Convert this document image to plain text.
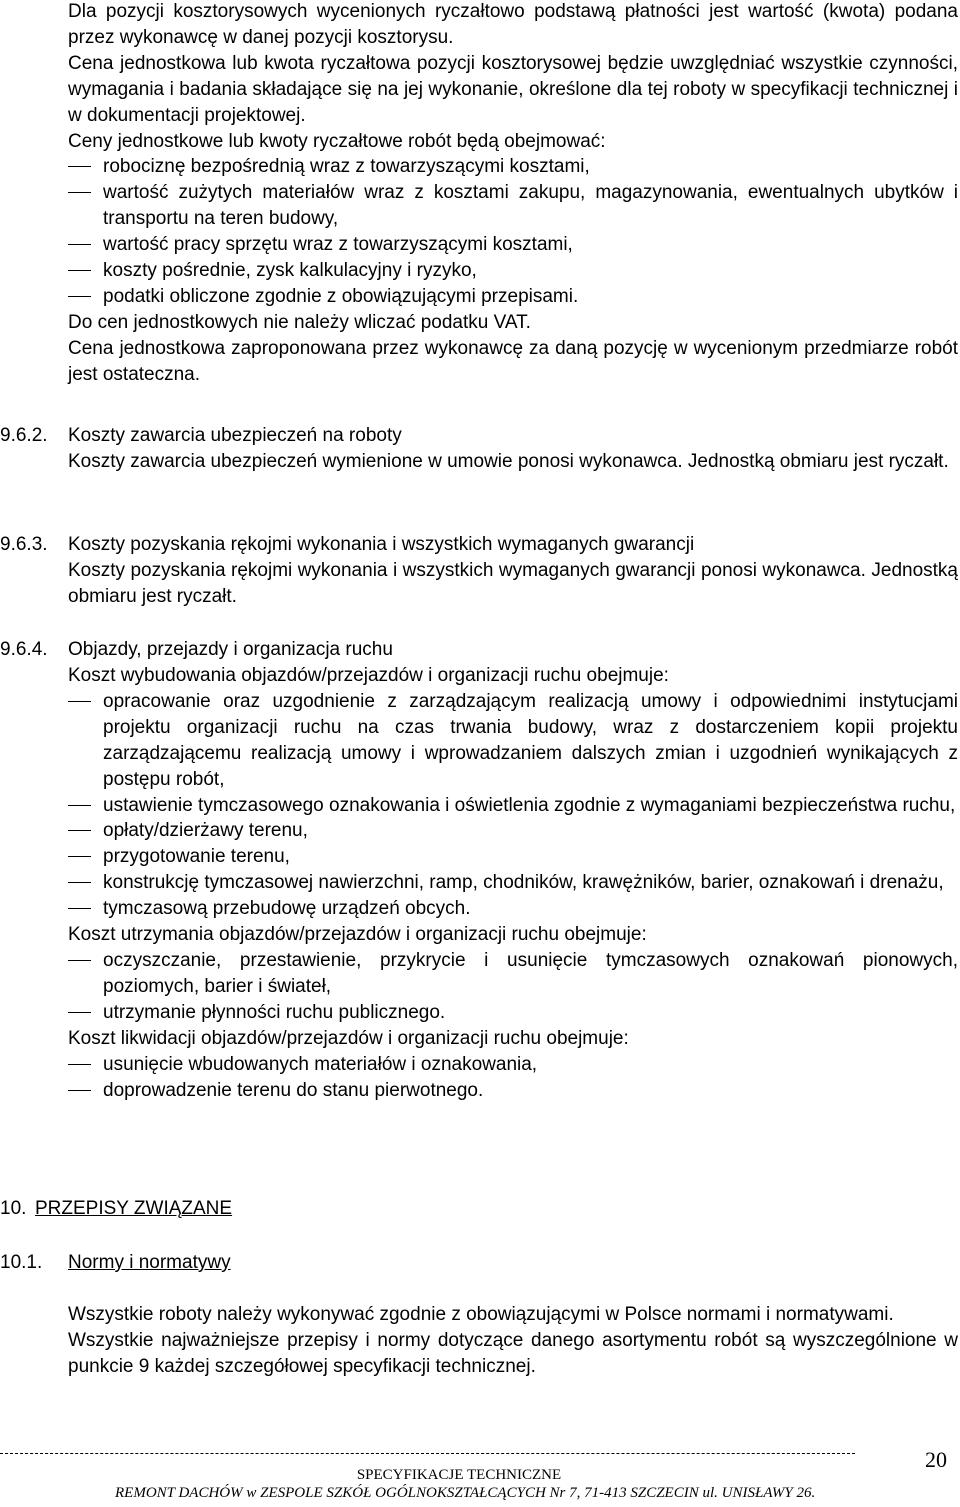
Dla pozycji kosztorysowych wycenionych ryczałtowo podstawą płatności jest wartość (kwota) podana przez wykonawcę w danej pozycji kosztorysu.

Cena jednostkowa lub kwota ryczałtowa pozycji kosztorysowej będzie uwzględniać wszystkie czynności, wymagania i badania składające się na jej wykonanie, określone dla tej roboty w specyfikacji technicznej i w dokumentacji projektowej.

Ceny jednostkowe lub kwoty ryczałtowe robót będą obejmować:

robociznę bezpośrednią wraz z towarzyszącymi kosztami,

wartość zużytych materiałów wraz z kosztami zakupu, magazynowania, ewentualnych ubytków i transportu na teren budowy,

wartość pracy sprzętu wraz z towarzyszącymi kosztami,

koszty pośrednie, zysk kalkulacyjny i ryzyko,

podatki obliczone zgodnie z obowiązującymi przepisami.

Do cen jednostkowych nie należy wliczać podatku VAT.

Cena jednostkowa zaproponowana przez wykonawcę za daną pozycję w wycenionym przedmiarze robót jest ostateczna.

9.6.2.	Koszty zawarcia ubezpieczeń na roboty

Koszty zawarcia ubezpieczeń wymienione w umowie ponosi wykonawca. Jednostką obmiaru jest ryczałt.

9.6.3.	Koszty pozyskania rękojmi wykonania i wszystkich wymaganych gwarancji

Koszty pozyskania rękojmi wykonania i wszystkich wymaganych gwarancji ponosi wykonawca. Jednostką obmiaru jest ryczałt.

9.6.4.	Objazdy, przejazdy i organizacja ruchu

Koszt wybudowania objazdów/przejazdów i organizacji ruchu obejmuje:

opracowanie oraz uzgodnienie z zarządzającym realizacją umowy i odpowiednimi instytucjami projektu organizacji ruchu na czas trwania budowy, wraz z dostarczeniem kopii projektu zarządzającemu realizacją umowy i wprowadzaniem dalszych zmian i uzgodnień wynikających z postępu robót,

ustawienie tymczasowego oznakowania i oświetlenia zgodnie z wymaganiami bezpieczeństwa ruchu,

opłaty/dzierżawy terenu,

przygotowanie terenu,

konstrukcję tymczasowej nawierzchni, ramp, chodników, krawężników, barier, oznakowań i drenażu,

tymczasową przebudowę urządzeń obcych.

Koszt utrzymania objazdów/przejazdów i organizacji ruchu obejmuje:

oczyszczanie, przestawienie, przykrycie i usunięcie tymczasowych oznakowań pionowych, poziomych, barier i świateł,

utrzymanie płynności ruchu publicznego.

Koszt likwidacji objazdów/przejazdów i organizacji ruchu obejmuje:

usunięcie wbudowanych materiałów i oznakowania,

doprowadzenie terenu do stanu pierwotnego.

10. PRZEPISY ZWIĄZANE
10.1.	Normy i normatywy

Wszystkie roboty należy wykonywać zgodnie z obowiązującymi w Polsce normami i normatywami.

Wszystkie najważniejsze przepisy i normy dotyczące danego asortymentu robót są wyszczególnione w punkcie 9 każdej szczegółowej specyfikacji technicznej.

20
SPECYFIKACJE TECHNICZNE
REMONT DACHÓW w ZESPOLE SZKÓŁ OGÓLNOKSZTAŁCĄCYCH Nr 7, 71-413 SZCZECIN ul. UNISŁAWY 26.
